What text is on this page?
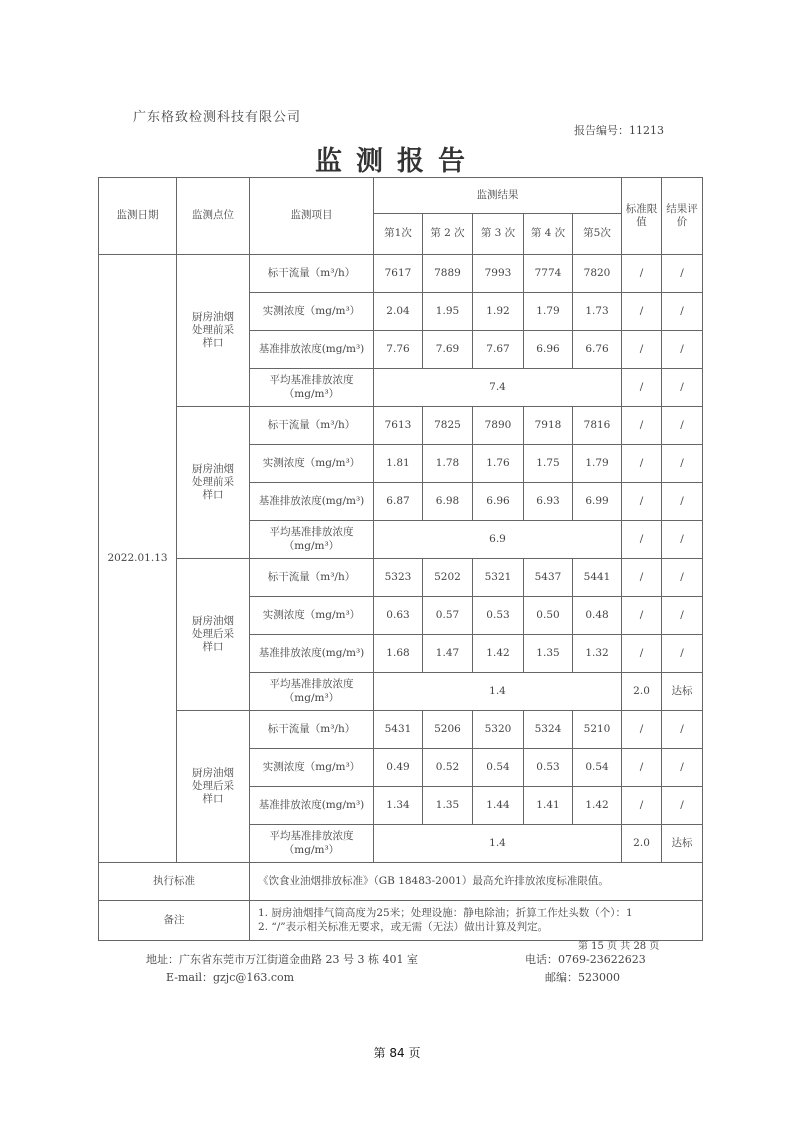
广东格致检测科技有限公司
报告编号：11213
监测报告
监测日期	监测点位	监测项目	监测结果					标准限值	结果评价
			第1次	第 2 次	第 3 次	第 4 次	第5次		
2022.01.13	厨房油烟处理前采样口	标干流量（m³/h）	7617	7889	7993	7774	7820	/	/
		实测浓度（mg/m³）	2.04	1.95	1.92	1.79	1.73	/	/
		基准排放浓度(mg/m³)	7.76	7.69	7.67	6.96	6.76	/	/
		平均基准排放浓度（mg/m³）	7.4					/	/
	厨房油烟处理前采样口	标干流量（m³/h）	7613	7825	7890	7918	7816	/	/
		实测浓度（mg/m³）	1.81	1.78	1.76	1.75	1.79	/	/
		基准排放浓度(mg/m³)	6.87	6.98	6.96	6.93	6.99	/	/
		平均基准排放浓度（mg/m³）	6.9					/	/
	厨房油烟处理后采样口	标干流量（m³/h）	5323	5202	5321	5437	5441	/	/
		实测浓度（mg/m³）	0.63	0.57	0.53	0.50	0.48	/	/
		基准排放浓度(mg/m³)	1.68	1.47	1.42	1.35	1.32	/	/
		平均基准排放浓度（mg/m³）	1.4					2.0	达标
	厨房油烟处理后采样口	标干流量（m³/h）	5431	5206	5320	5324	5210	/	/
		实测浓度（mg/m³）	0.49	0.52	0.54	0.53	0.54	/	/
		基准排放浓度(mg/m³)	1.34	1.35	1.44	1.41	1.42	/	/
		平均基准排放浓度（mg/m³）	1.4					2.0	达标
执行标准		《饮食业油烟排放标准》（GB 18483-2001）最高允许排放浓度标准限值。							
备注		1. 厨房油烟排气筒高度为25米；处理设施：静电除油；折算工作灶头数（个）：1
2. “/”表示相关标准无要求，或无需（无法）做出计算及判定。							
第 15 页 共 28 页
地址：广东省东莞市万江街道金曲路 23 号 3 栋 401 室
E-mail：gzjc@163.com
电话：0769-23622623
邮编：523000
第 84 页
